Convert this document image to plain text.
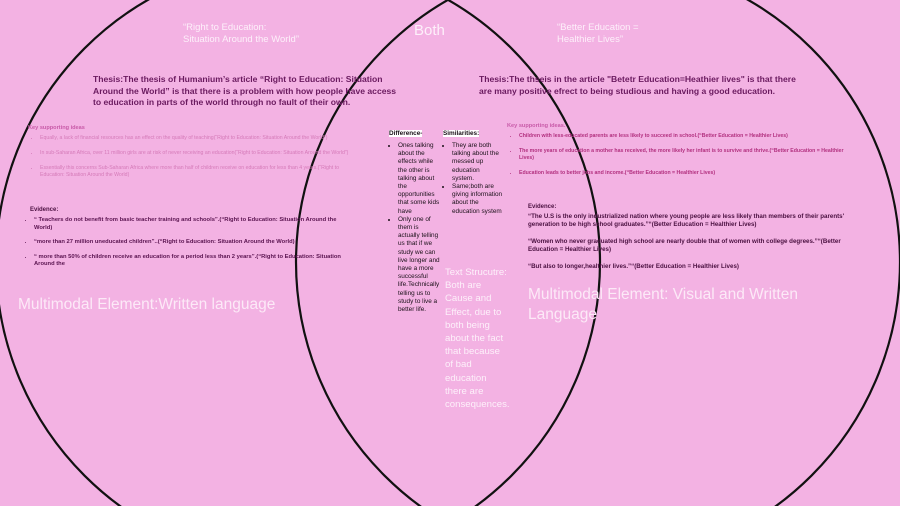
“Right to Education: Situation Around the World”
Both	“Better Education = Healthier Lives”
Thesis:The thesis of Humanium’s article “Right to Education: Situation Around the World” is that there is a problem with how people have access to education in parts of the world through no fault of their own.
Key supporting ideas
• Equally, a lack of financial resources has an effect on the quality of teaching(“Right to Education: Situation Around the World”)
• In sub-Saharan Africa, over 11 million girls are at risk of never receiving an education(“Right to Education: Situation Around the World”)
• Essentially this concerns Sub-Saharan Africa where more than half of children receive on education for less than 4 years.(“Right to Education: Situation Around the World)
Evidence:
• “ Teachers do not benefit from basic teacher training and schools”.(“Right to Education: Situation Around the World)
• “more than 27 million uneducated children”..(“Right to Education: Situation Around the World)
• “ more than 50% of children receive an education for a period less than 2 years”.(“Right to Education: Situation Around the
Multimodal Element:Written language
Difference-
• Ones talking about the effects while the other is talking about the opportunities that some kids have
• Only one of them is actually telling us that if we study we can live longer and have a more successful life.Technically telling us to study to live a better life.
Similarities:
• They are both talking about the messed up education system.
• Same;both are giving information about the education system
Text Strucutre: Both are Cause and Effect, due to both being about the fact that because of bad education there are consequences.
Thesis:The thseis in the article "Betetr Education=Heathier lives" is that there are many positive efrect to being studious and having a good education.
Key supporting ideas.
• Children with less-educated parents are less likely to succeed in school.(“Better Education = Healthier Lives)
• The more years of education a mother has received, the more likely her infant is to survive and thrive.(“Better Education = Healthier Lives)
• Education leads to better jobs and income.(“Better Education = Healthier Lives)
Evidence:

“The U.S is the only industrialized nation where young people are less likely than members of their parents' generation to be high school graduates.”“(Better Education = Healthier Lives)

“Women who never graduated high school are nearly double that of women with college degrees.”“(Better Education = Healthier Lives)

“But also to longer,healthier lives.”“(Better Education = Healthier Lives)

Multimodal Element: Visual and Written Language
